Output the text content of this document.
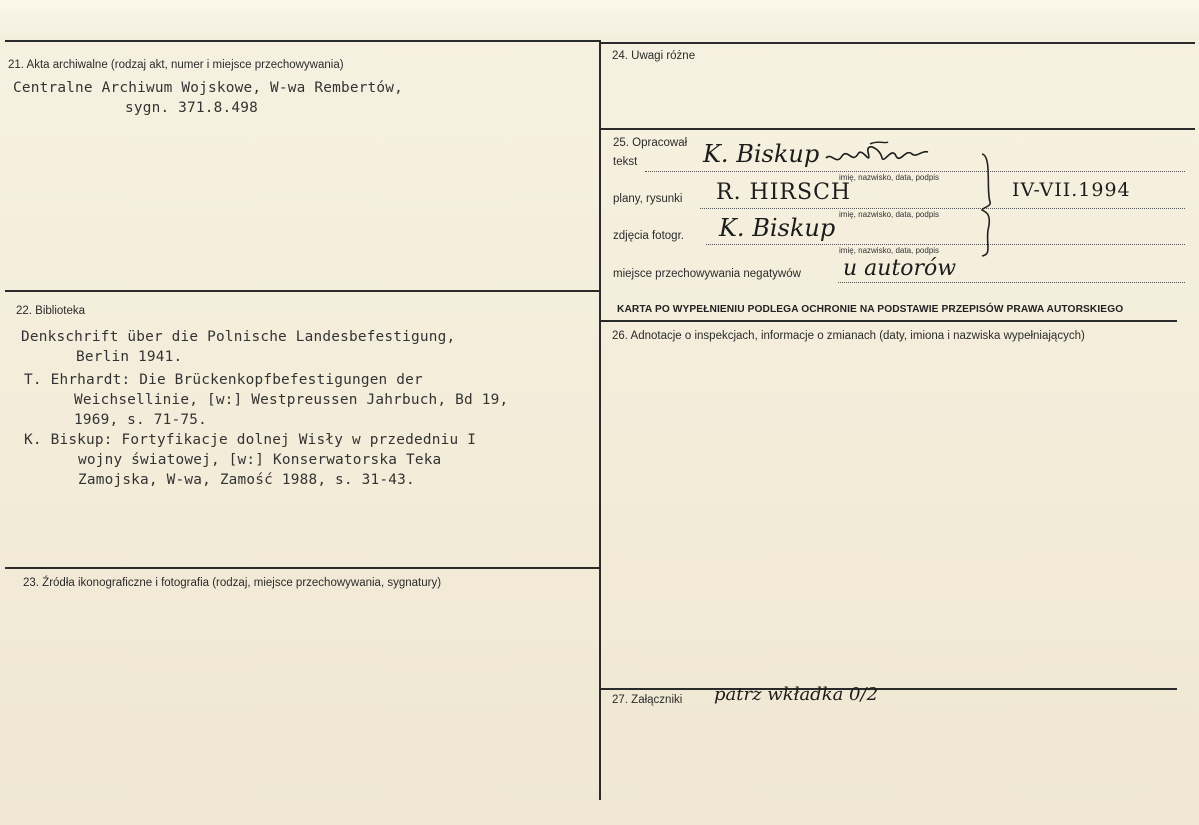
21. Akta archiwalne (rodzaj akt, numer i miejsce przechowywania)
Centralne Archiwum Wojskowe, W-wa Rembertów,
sygn. 371.8.498
22. Biblioteka
Denkschrift über die Polnische Landesbefestigung,
Berlin 1941.
T. Ehrhardt: Die Brückenkopfbefestigungen der
Weichsellinie, [w:] Westpreussen Jahrbuch, Bd 19,
1969, s. 71-75.
K. Biskup: Fortyfikacje dolnej Wisły w przededniu I
wojny światowej, [w:] Konserwatorska Teka
Zamojska, W-wa, Zamość 1988, s. 31-43.
23. Źródła ikonograficzne i fotografia (rodzaj, miejsce przechowywania, sygnatury)
24. Uwagi różne
25. Opracował
tekst	K. Biskup
imię, nazwisko, data, podpis
plany, rysunki R. HIRSCH
imię, nazwisko, data, podpis
zdjęcia fotogr. K. Biskup
imię, nazwisko, data, podpis
IV-VII.1994
miejsce przechowywania negatywów u autorów
KARTA PO WYPEŁNIENIU PODLEGA OCHRONIE NA PODSTAWIE PRZEPISÓW PRAWA AUTORSKIEGO
26. Adnotacje o inspekcjach, informacje o zmianach (daty, imiona i nazwiska wypełniających)
27. Załączniki patrz wkładka 0/2
